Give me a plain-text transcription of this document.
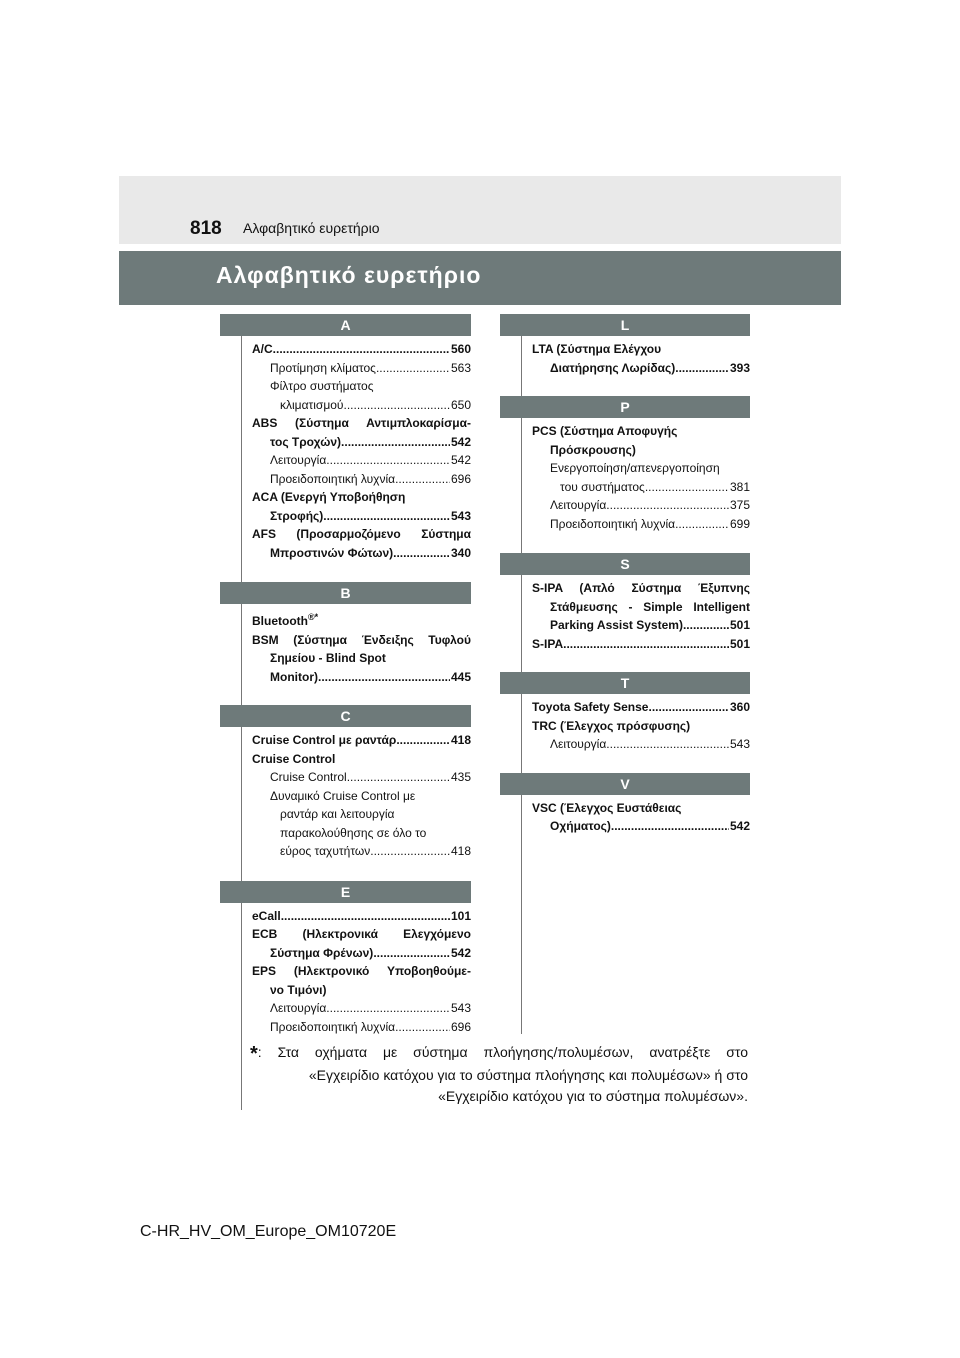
818 Αλφαβητικό ευρετήριο
Αλφαβητικό ευρετήριο
A
A/C .....	560
Προτίμηση κλίματος .....	563
Φίλτρο συστήματος
κλιματισμού .....	650
ABS (Σύστημα Αντιμπλοκαρίσμα-
τος Τροχών) .....	542
Λειτουργία .....	542
Προειδοποιητική λυχνία .....	696
ACA (Ενεργή Υποβοήθηση
Στροφής) .....	543
AFS (Προσαρμοζόμενο Σύστημα
Μπροστινών Φώτων) .....	340
B
Bluetooth®*
BSM (Σύστημα Ένδειξης Τυφλού
Σημείου - Blind Spot
Monitor) .....	445
C
Cruise Control με ραντάρ .....	418
Cruise Control
Cruise Control .....	435
Δυναμικό Cruise Control με
ραντάρ και λειτουργία
παρακολούθησης σε όλο το
εύρος ταχυτήτων .....	418
E
eCall .....	101
ECB (Ηλεκτρονικά Ελεγχόμενο
Σύστημα Φρένων) .....	542
EPS (Ηλεκτρονικό Υποβοηθούμε-
νο Τιμόνι)
Λειτουργία .....	543
Προειδοποιητική λυχνία .....	696
L
LTA (Σύστημα Ελέγχου
Διατήρησης Λωρίδας) .....	393
P
PCS (Σύστημα Αποφυγής
Πρόσκρουσης)
Ενεργοποίηση/απενεργοποίηση
του συστήματος .....	381
Λειτουργία .....	375
Προειδοποιητική λυχνία .....	699
S
S-IPA (Απλό Σύστημα Έξυπνης
Στάθμευσης - Simple Intelligent
Parking Assist System) .....	501
S-IPA .....	501
T
Toyota Safety Sense .....	360
TRC (Έλεγχος πρόσφυσης)
Λειτουργία .....	543
V
VSC (Έλεγχος Ευστάθειας
Οχήματος) .....	542
*: Στα οχήματα με σύστημα πλοήγησης/πολυμέσων, ανατρέξτε στο
«Εγχειρίδιο κατόχου για το σύστημα πλοήγησης και πολυμέσων» ή στο
«Εγχειρίδιο κατόχου για το σύστημα πολυμέσων».
C-HR_HV_OM_Europe_OM10720E
